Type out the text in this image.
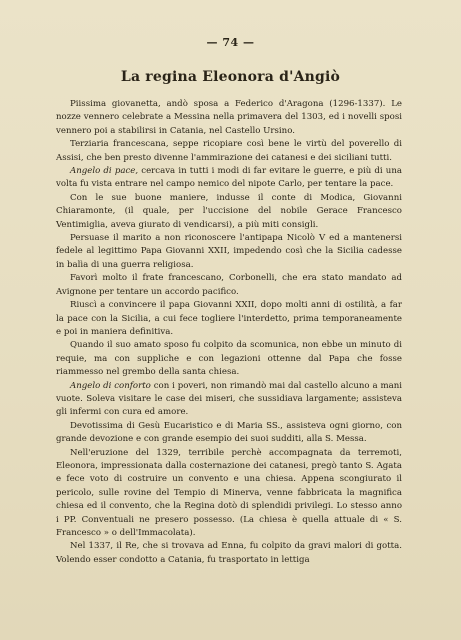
— 74 —
La regina Eleonora d'Angiò

Piissima giovanetta, andò sposa a Federico d'Aragona (1296-1337). Le nozze vennero celebrate a Messina nella primavera del 1303, ed i novelli sposi vennero poi a stabilirsi in Catania, nel Castello Ursino.

Terziaria francescana, seppe ricopiare così bene le virtù del poverello di Assisi, che ben presto divenne l'ammirazione dei catanesi e dei siciliani tutti.

Angelo di pace, cercava in tutti i modi di far evitare le guerre, e più di una volta fu vista entrare nel campo nemico del nipote Carlo, per tentare la pace.

Con le sue buone maniere, indusse il conte di Modica, Giovanni Chiaramonte, (il quale, per l'uccisione del nobile Gerace Francesco Ventimiglia, aveva giurato di vendicarsi), a più miti consigli.

Persuase il marito a non riconoscere l'antipapa Nicolò V ed a mantenersi fedele al legittimo Papa Giovanni XXII, impedendo così che la Sicilia cadesse in balìa di una guerra religiosa.

Favorì molto il frate francescano, Corbonelli, che era stato mandato ad Avignone per tentare un accordo pacifico.

Riuscì a convincere il papa Giovanni XXII, dopo molti anni di ostilità, a far la pace con la Sicilia, a cui fece togliere l'interdetto, prima temporaneamente e poi in maniera definitiva.

Quando il suo amato sposo fu colpito da scomunica, non ebbe un minuto di requie, ma con suppliche e con legazioni ottenne dal Papa che fosse riammesso nel grembo della santa chiesa.

Angelo di conforto con i poveri, non rimandò mai dal castello alcuno a mani vuote. Soleva visitare le case dei miseri, che sussidiava largamente; assisteva gli infermi con cura ed amore.

Devotissima di Gesù Eucaristico e di Maria SS., assisteva ogni giorno, con grande devozione e con grande esempio dei suoi sudditi, alla S. Messa.

Nell'eruzione del 1329, terribile perchè accompagnata da terremoti, Eleonora, impressionata dalla costernazione dei catanesi, pregò tanto S. Agata e fece voto di costruire un convento e una chiesa. Appena scongiurato il pericolo, sulle rovine del Tempio di Minerva, venne fabbricata la magnifica chiesa ed il convento, che la Regina dotò di splendidi privilegi. Lo stesso anno i PP. Conventuali ne presero possesso. (La chiesa è quella attuale di « S. Francesco » o dell'Immacolata).

Nel 1337, il Re, che si trovava ad Enna, fu colpito da gravi malori di gotta. Volendo esser condotto a Catania, fu trasportato in lettiga
